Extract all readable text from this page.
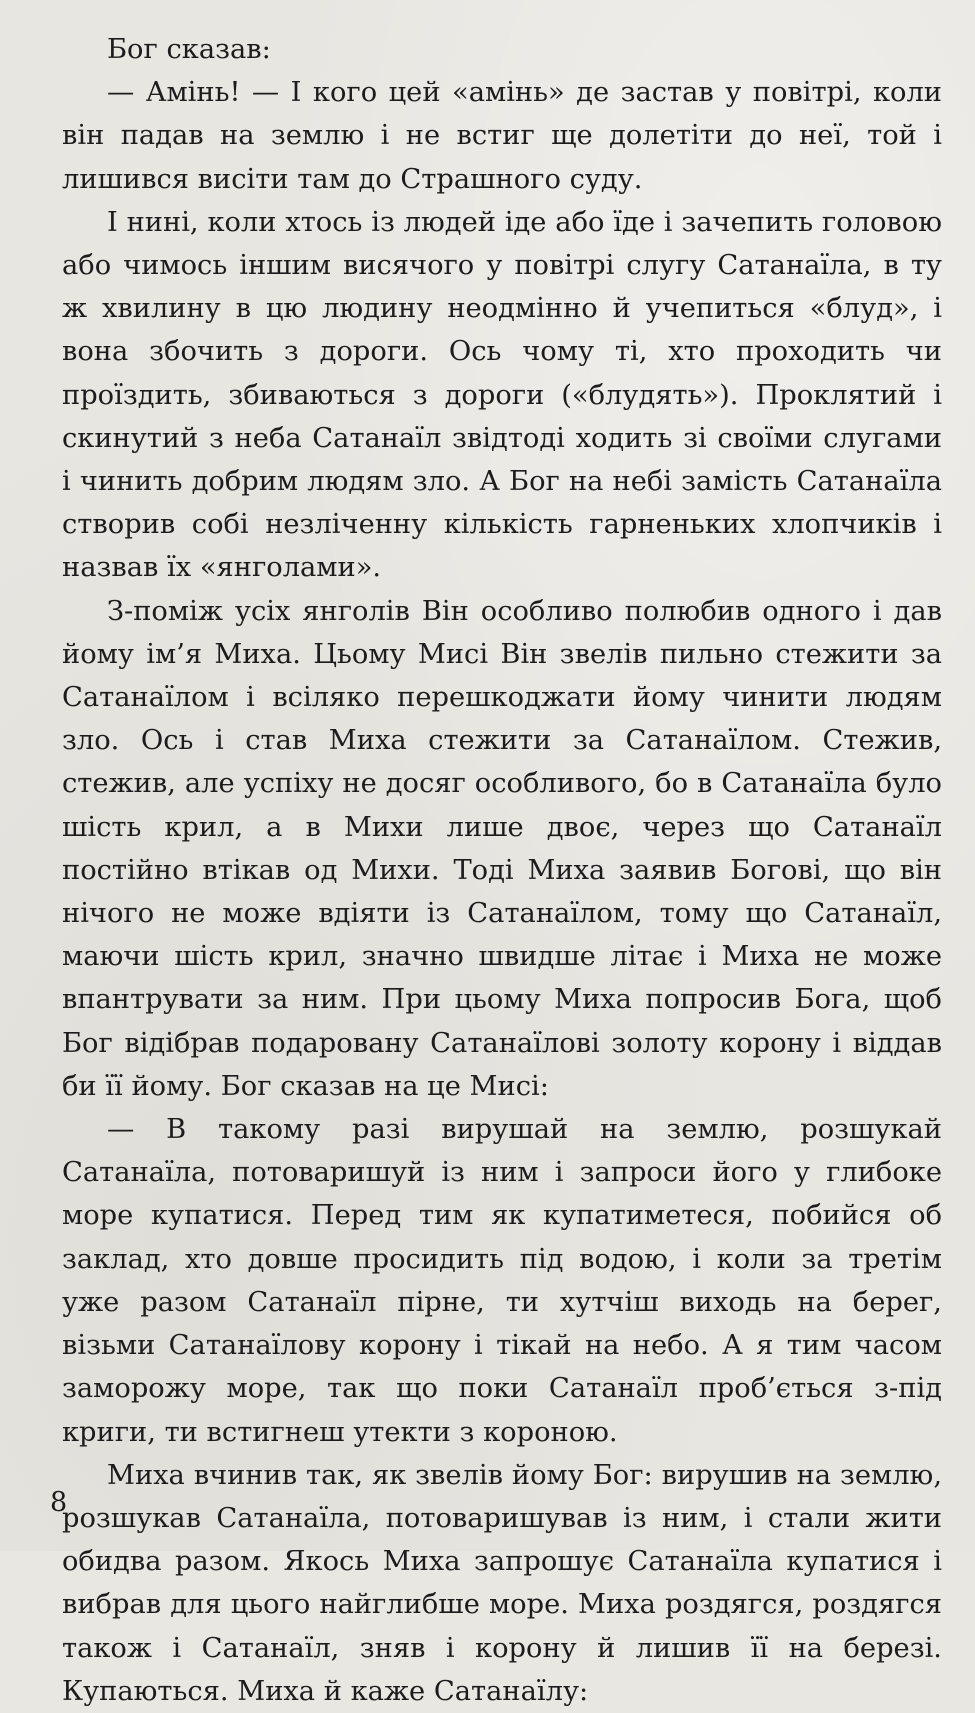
Бог сказав:

— Амінь! — І кого цей «амінь» де застав у повітрі, коли він падав на землю і не встиг ще долетіти до неї, той і лишився висіти там до Страшного суду.

І нині, коли хтось із людей іде або їде і зачепить головою або чимось іншим висячого у повітрі слугу Сатанаїла, в ту ж хвилину в цю людину неодмінно й учепиться «блуд», і вона збочить з дороги. Ось чому ті, хто проходить чи проїздить, збиваються з дороги («блудять»). Проклятий і скинутий з неба Сатанаїл звідтоді ходить зі своїми слугами і чинить добрим людям зло. А Бог на небі замість Сатанаїла створив собі незліченну кількість гарненьких хлопчиків і назвав їх «янголами».

З-поміж усіх янголів Він особливо полюбив одного і дав йому ім’я Миха. Цьому Мисі Він звелів пильно стежити за Сатанаїлом і всіляко перешкоджати йому чинити людям зло. Ось і став Миха стежити за Сатанаїлом. Стежив, стежив, але успіху не досяг особливого, бо в Сатанаїла було шість крил, а в Михи лише двоє, через що Сатанаїл постійно втікав од Михи. Тоді Миха заявив Богові, що він нічого не може вдіяти із Сатанаїлом, тому що Сатанаїл, маючи шість крил, значно швидше літає і Миха не може впантрувати за ним. При цьому Миха попросив Бога, щоб Бог відібрав подаровану Сатанаїлові золоту корону і віддав би її йому. Бог сказав на це Мисі:

— В такому разі вирушай на землю, розшукай Сатанаїла, потоваришуй із ним і запроси його у глибоке море купатися. Перед тим як купатиметеся, побийся об заклад, хто довше просидить під водою, і коли за третім уже разом Сатанаїл пірне, ти хутчіш виходь на берег, візьми Сатанаїлову корону і тікай на небо. А я тим часом заморожу море, так що поки Сатанаїл проб’ється з-під криги, ти встигнеш утекти з короною.

Миха вчинив так, як звелів йому Бог: вирушив на землю, розшукав Сатанаїла, потоваришував із ним, і стали жити обидва разом. Якось Миха запрошує Сатанаїла купатися і вибрав для цього найглибше море. Миха роздягся, роздягся також і Сатанаїл, зняв і корону й лишив її на березі. Купаються. Миха й каже Сатанаїлу:

8
